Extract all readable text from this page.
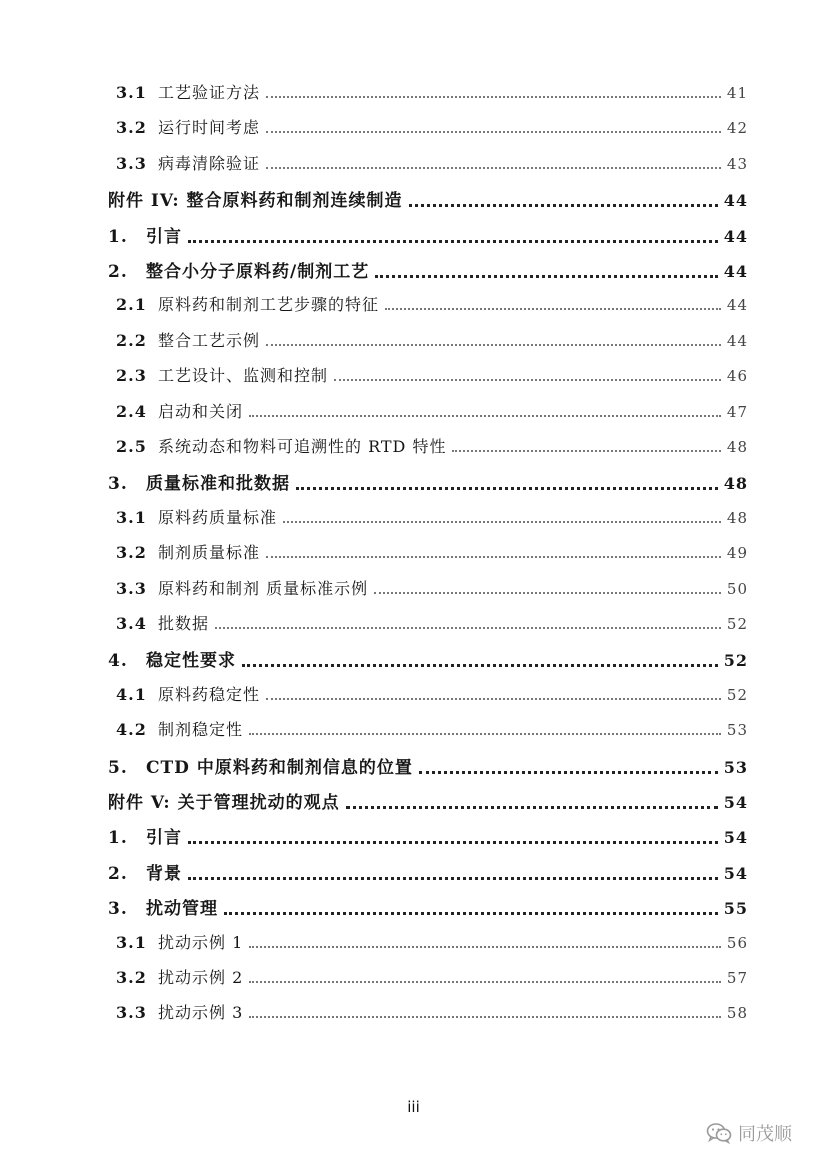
3.1 工艺验证方法	41
3.2 运行时间考虑	42
3.3 病毒清除验证	43
附件 IV: 整合原料药和制剂连续制造	44
1.	引言	44
2.	整合小分子原料药/制剂工艺	44
2.1 原料药和制剂工艺步骤的特征	44
2.2 整合工艺示例	44
2.3 工艺设计、监测和控制	46
2.4 启动和关闭	47
2.5 系统动态和物料可追溯性的 RTD 特性	48
3.	质量标准和批数据	48
3.1 原料药质量标准	48
3.2 制剂质量标准	49
3.3 原料药和制剂 质量标准示例	50
3.4 批数据	52
4.	稳定性要求	52
4.1 原料药稳定性	52
4.2 制剂稳定性	53
5.	CTD 中原料药和制剂信息的位置	53
附件 V: 关于管理扰动的观点	54
1.	引言	54
2.	背景	54
3.	扰动管理	55
3.1 扰动示例 1	56
3.2 扰动示例 2	57
3.3 扰动示例 3	58
iii
同茂顺
